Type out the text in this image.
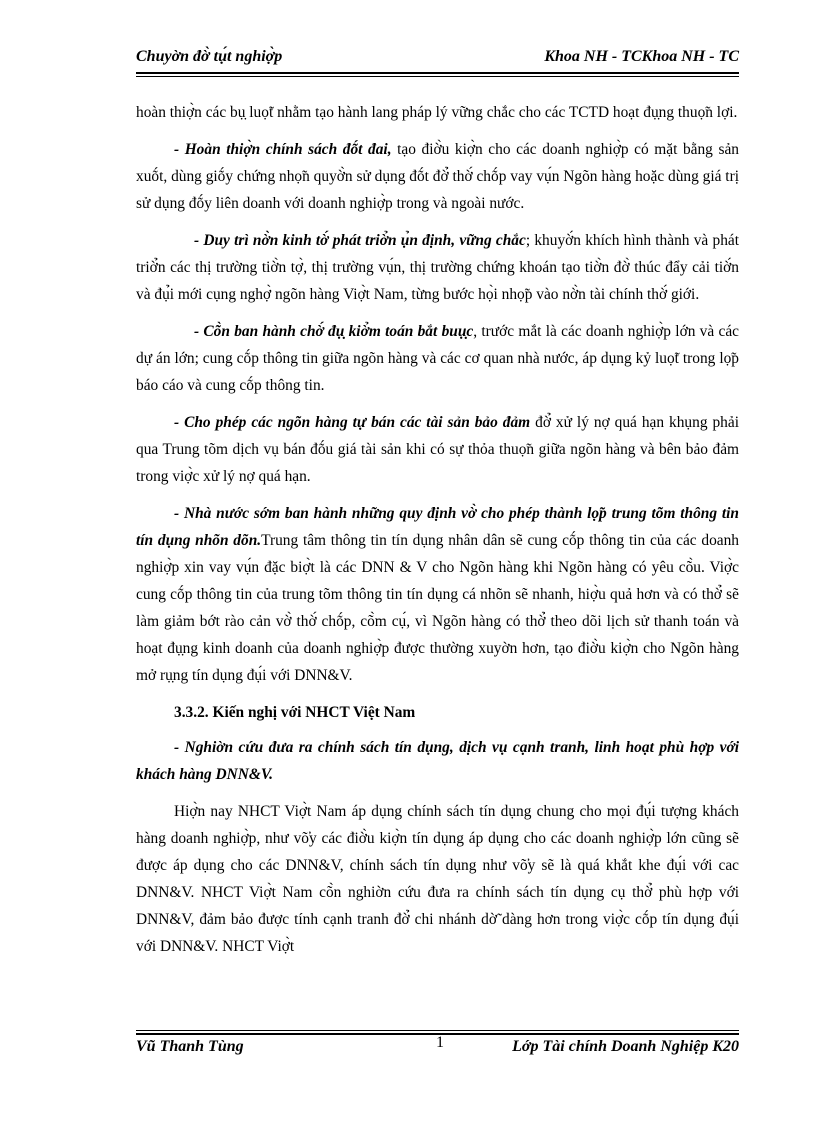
Chuyờn đờ̀ tụ́t nghiợ̀p	Khoa NH - TCKhoa NH - TC

hoàn thiợ̀n các bụ̣ luọ̃t nhằm tạo hành lang pháp lý vững chắc cho các TCTD hoạt đụ̣ng thuọ̃n lợi.

- Hoàn thiợ̀n chính sách đṍt đai, tạo điờ̀u kiợ̀n cho các doanh nghiợ̀p có mặt bằng sản xuṍt, dùng giṍy chứng nhọ̃n quyờ̀n sử dụng đṍt đờ̉ thờ́ chṍp vay vụ́n Ngõn hàng hoặc dùng giá trị sử dụng đṍy liên doanh với doanh nghiợ̀p trong và ngoài nước.

- Duy trì nờ̀n kinh tờ́ phát triờ̉n ụ̉n định, vững chắc; khuyờ́n khích hình thành và phát triờ̉n các thị trường tiờ̀n tợ̀, thị trường vụ́n, thị trường chứng khoán tạo tiờ̀n đờ̀ thúc đẩy cải tiờ́n và đụ̉i mới cụng nghợ̀ ngõn hàng Viợ̀t Nam, từng bước họ̀i nhọ̃p vào nờ̀n tài chính thờ́ giới.

- Cõ̀n ban hành chờ́ đụ̣ kiờ̉m toán bắt buụ̣c, trước mắt là các doanh nghiợ̀p lớn và các dự án lớn; cung cṍp thông tin giữa ngõn hàng và các cơ quan nhà nước, áp dụng kỷ luọ̃t trong lọ̃p báo cáo và cung cṍp thông tin.

- Cho phép các ngõn hàng tự bán các tài sản bảo đảm đờ̉ xử lý nợ quá hạn khụng phải qua Trung tõm dịch vụ bán đṍu giá tài sản khi có sự thỏa thuọ̃n giữa ngõn hàng và bên bảo đảm trong viợ̀c xử lý nợ quá hạn.

- Nhà nước sớm ban hành những quy định vờ̀ cho phép thành lọ̃p trung tõm thông tin tín dụng nhõn dõn.Trung tâm thông tin tín dụng nhân dân sẽ cung cṍp thông tin của các doanh nghiợ̀p xin vay vụ́n đặc biợ̀t là các DNN & V cho Ngõn hàng khi Ngõn hàng có yêu cõ̀u. Viợ̀c cung cṍp thông tin của trung tõm thông tin tín dụng cá nhõn sẽ nhanh, hiợ̀u quả hơn và có thờ̉ sẽ làm giảm bớt rào cản vờ̀ thờ́ chṍp, cõ̀m cụ́, vì Ngõn hàng có thờ̉ theo dõi lịch sử thanh toán và hoạt đụ̣ng kinh doanh của doanh nghiợ̀p được thường xuyờn hơn, tạo điờ̀u kiợ̀n cho Ngõn hàng mở rụ̣ng tín dụng đụ́i với DNN&V.

3.3.2. Kiến nghị với NHCT Việt Nam

- Nghiờn cứu đưa ra chính sách tín dụng, dịch vụ cạnh tranh, linh hoạt phù hợp với khách hàng DNN&V.

Hiợ̀n nay NHCT Viợ̀t Nam áp dụng chính sách tín dụng chung cho mọi đụ́i tượng khách hàng doanh nghiợ̀p, như võ̕y các điờ̀u kiợ̀n tín dụng áp dụng cho các doanh nghiợ̀p lớn cũng sẽ được áp dụng cho các DNN&V, chính sách tín dụng như võ̕y sẽ là quá khắt khe đụ́i với cac DNN&V. NHCT Viợ̀t Nam cõ̀n nghiờn cứu đưa ra chính sách tín dụng cụ thờ̉ phù hợp với DNN&V, đảm bảo được tính cạnh tranh đờ̉ chi nhánh dờ̃ dàng hơn trong viợ̀c cṍp tín dụng đụ́i với DNN&V. NHCT Viợ̀t

Vũ Thanh Tùng	1	Lớp Tài chính Doanh Nghiệp K20
